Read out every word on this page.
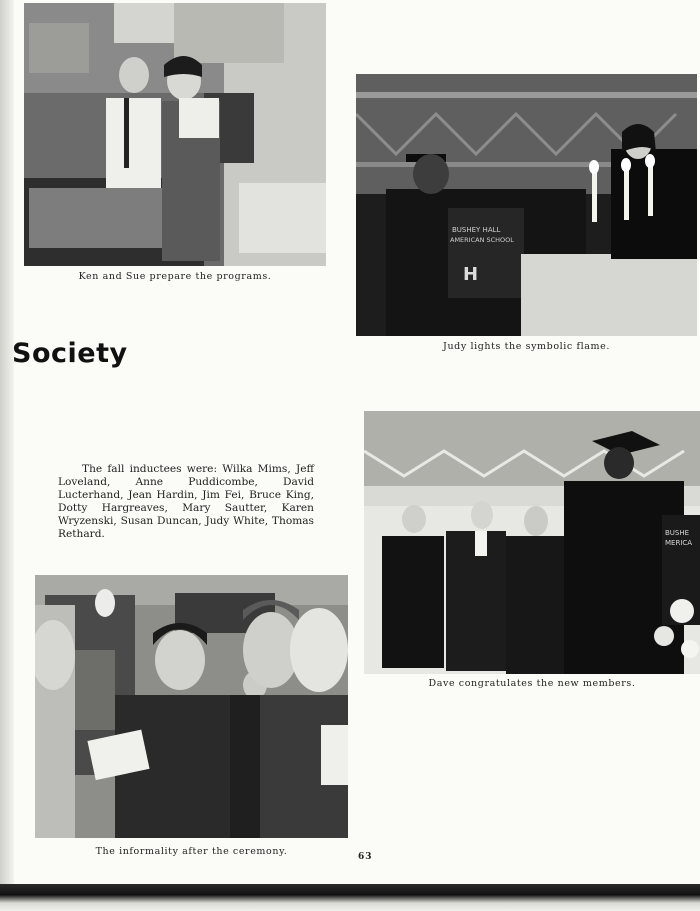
Ken and Sue prepare the programs.
BUSHEY HALL
AMERICAN SCHOOL
H
Judy lights the symbolic flame.
Society

The fall inductees were: Wilka Mims, Jeff Loveland, Anne Puddicombe, David Lucterhand, Jean Hardin, Jim Fei, Bruce King, Dotty Hargreaves, Mary Sautter, Karen Wryzenski, Susan Duncan, Judy White, Thomas Rethard.	BUSHE
MERICA
Dave congratulates the new members.
The informality after the ceremony.	63
